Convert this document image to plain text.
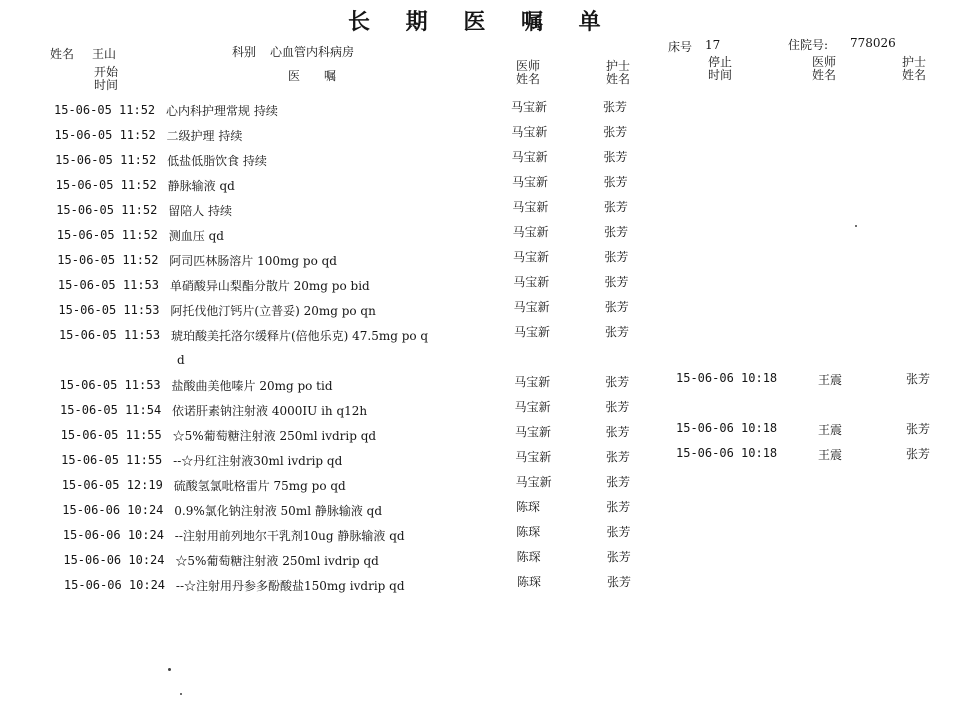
长 期 医 嘱 单
姓名 王山	科别 心血管内科病房	床号 17	住院号: 778026
开始
时间
医　　嘱
医师
姓名
护士
姓名
停止
时间
医师
姓名
护士
姓名
15-06-05 11:52 心内科护理常规 持续	马宝新	张芳
15-06-05 11:52 二级护理 持续	马宝新	张芳
15-06-05 11:52 低盐低脂饮食 持续	马宝新	张芳
15-06-05 11:52 静脉输液 qd	马宝新	张芳
15-06-05 11:52 留陪人 持续	马宝新	张芳
15-06-05 11:52 测血压 qd	马宝新	张芳
15-06-05 11:52 阿司匹林肠溶片 100mg po qd	马宝新	张芳
15-06-05 11:53 单硝酸异山梨酯分散片 20mg po bid	马宝新	张芳
15-06-05 11:53 阿托伐他汀钙片(立普妥) 20mg po qn	马宝新	张芳
15-06-05 11:53 琥珀酸美托洛尔缓释片(倍他乐克) 47.5mg po q
d
马宝新	张芳
15-06-05 11:53 盐酸曲美他嗪片 20mg po tid	马宝新	张芳	15-06-06 10:18	王震	张芳
15-06-05 11:54 依诺肝素钠注射液 4000IU ih q12h	马宝新	张芳
15-06-05 11:55 ☆5%葡萄糖注射液 250ml ivdrip qd	马宝新	张芳	15-06-06 10:18	王震	张芳
15-06-05 11:55 --☆丹红注射液30ml ivdrip qd	马宝新	张芳	15-06-06 10:18	王震	张芳
15-06-05 12:19 硫酸氢氯吡格雷片 75mg po qd	马宝新	张芳
15-06-06 10:24 0.9%氯化钠注射液 50ml 静脉输液 qd	陈琛	张芳
15-06-06 10:24 --注射用前列地尔干乳剂10ug 静脉输液 qd	陈琛	张芳
15-06-06 10:24 ☆5%葡萄糖注射液 250ml ivdrip qd	陈琛	张芳
15-06-06 10:24 --☆注射用丹参多酚酸盐150mg ivdrip qd	陈琛	张芳
